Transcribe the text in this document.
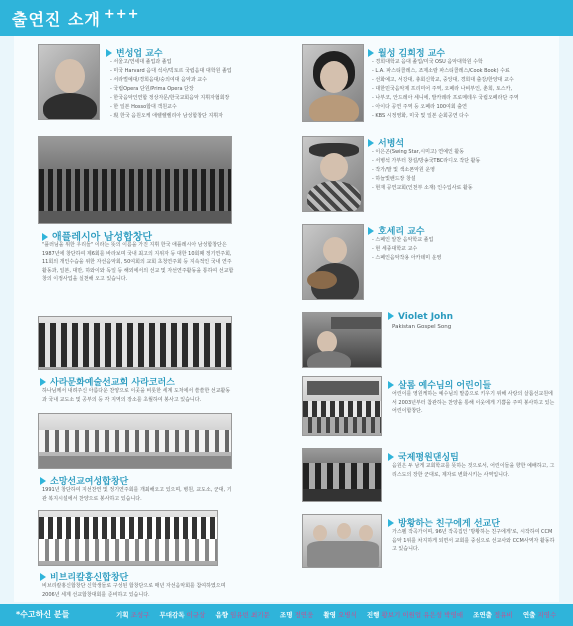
출연진 소개 +++
변성업 교수
- 서울고/연세대 졸업과 졸업
- 미국 Harvard 음대 석사/빅토르 국립음대 대학원 졸업
- 서라벌예대/경희음대/숭의여대 음악과 교수
- 국립Opera 단원/Prima Opera 단장
- 한국음악인연합 정상자문/한국교회음악 지휘자협회장
- 한 일본 Hosso합대 객원교수
- 現 한국 음원오케 애렐렐렐리아 남성합창단 지휘자
애플레시아 남성합창단
"플러님을 위한 우리들" 이라는 뜻의 이름을 가진 지휘 한국 애플레시아 남성합창단은 1987년에 창단하여 제6회를 바라보며 국내 최고의 지위자 등 대한 10회째 정기연주회, 11회의 개인수습을 위한 자선음악회, 50여회의 교회 초청연주회 등 지속적인 국내 연주활동과, 일본, 대만, 하와이와 독일 등 해외에서의 선교 및 자선연주활동을 통하여 선교합창의 이정사업을 실천해 오고 있습니다.
사라문화예술선교회 사라코러스
하나님께서 내려주신 아름다운 찬양으로 이곳을 비롯한 세계 도처에서 쓸쓸한 선교활동과 국내 교도소 및 공부의 등 각 지역의 장소를 초월하여 봉사고 있습니다.
소망선교여성합창단
1991년 창단하여 지선찬연 및 정기연주회를 개최해오고 있으며, 병원, 교도소, 군대, 기관 복지시설에서 찬양으로 봉사하고 있습니다.
비브리칼홍신합창단
비브리칼홍신합창단 신학생들로 구성된 합창단으로 매년 자선음악회를 참여하였으며 2006년 세계 선교합창대회를 준비하고 있습니다.
월성 김희정 교수
- 경희대학교 음대 졸업/미국 OSU 음악대학원 수학
- L.A. 파스티콜레스, 조제소랄 파스티콜레스/Cook Book) 수료
- 선화예고, 서강대, 총회신학교, 중앙대, 경희대 출강/한양대 교수
- 대한민국음악제 프리미어 주역, 오페라 나비부인, 춘희, 토스카,
- 나부코, 안드레아 세니에, 발카레라 프로메테우 국립오페라단 주역
- 아이다 공연 주역 등 오페라 100여회 출연
- KBS 시정영화, 미국 및 일본 순회공연 다수
서병석
- 이은곤(Swing Star,시미고) 연예인 활동
- 서병석 가부터 창설/방송국TBC라디오 작단 활동
- 작가/말 및 색소폰악원 운영
- 하늘빛밴드장 창설
- 현재 공연교회(인천부 소재) 인수입사로 활동
호세리 교수
- 스페인 알찬 음악학교 졸업
- 현 세종대학교 교수
- 스페인음악작용 아카데미 운영
Violet John
Pakistan Gospel Song
살롬 예수님의 어린이들
어린이를 영원케하는 예수님의 말씀으로 키우기 위해 사랑의 살롬선교원에서 2003년부터 참관하는 찬양을 통해 이웃에게 기쁨을 주며 봉사하고 있는 어린이합창단.
국제평원댄싱팀
음원은 두 남게 교회학교를 뜻하는 것으로서, 어린이들을 향한 예배하고, 그리스도의 장한 군대로, 제자로 변화시키는 사역입니다.
방황하는 친구에게 선교단
가스펠 작곡가이며, 96년 작곡집인 '방황하는 친구에게'로, 시작하여 CCM음악 1위를 차지하게 되면서 교회를 중심으로 선교사와 CCM사역자 활동하고 있습니다.
*수고하신 분들	기획 조성구 무대감독 이규상 음향 임유빈 최기문 조명 정연웅 촬영 오병식 진행 황보기 이원업 유은성 박영애 조연출 정유비 연출 지영수
